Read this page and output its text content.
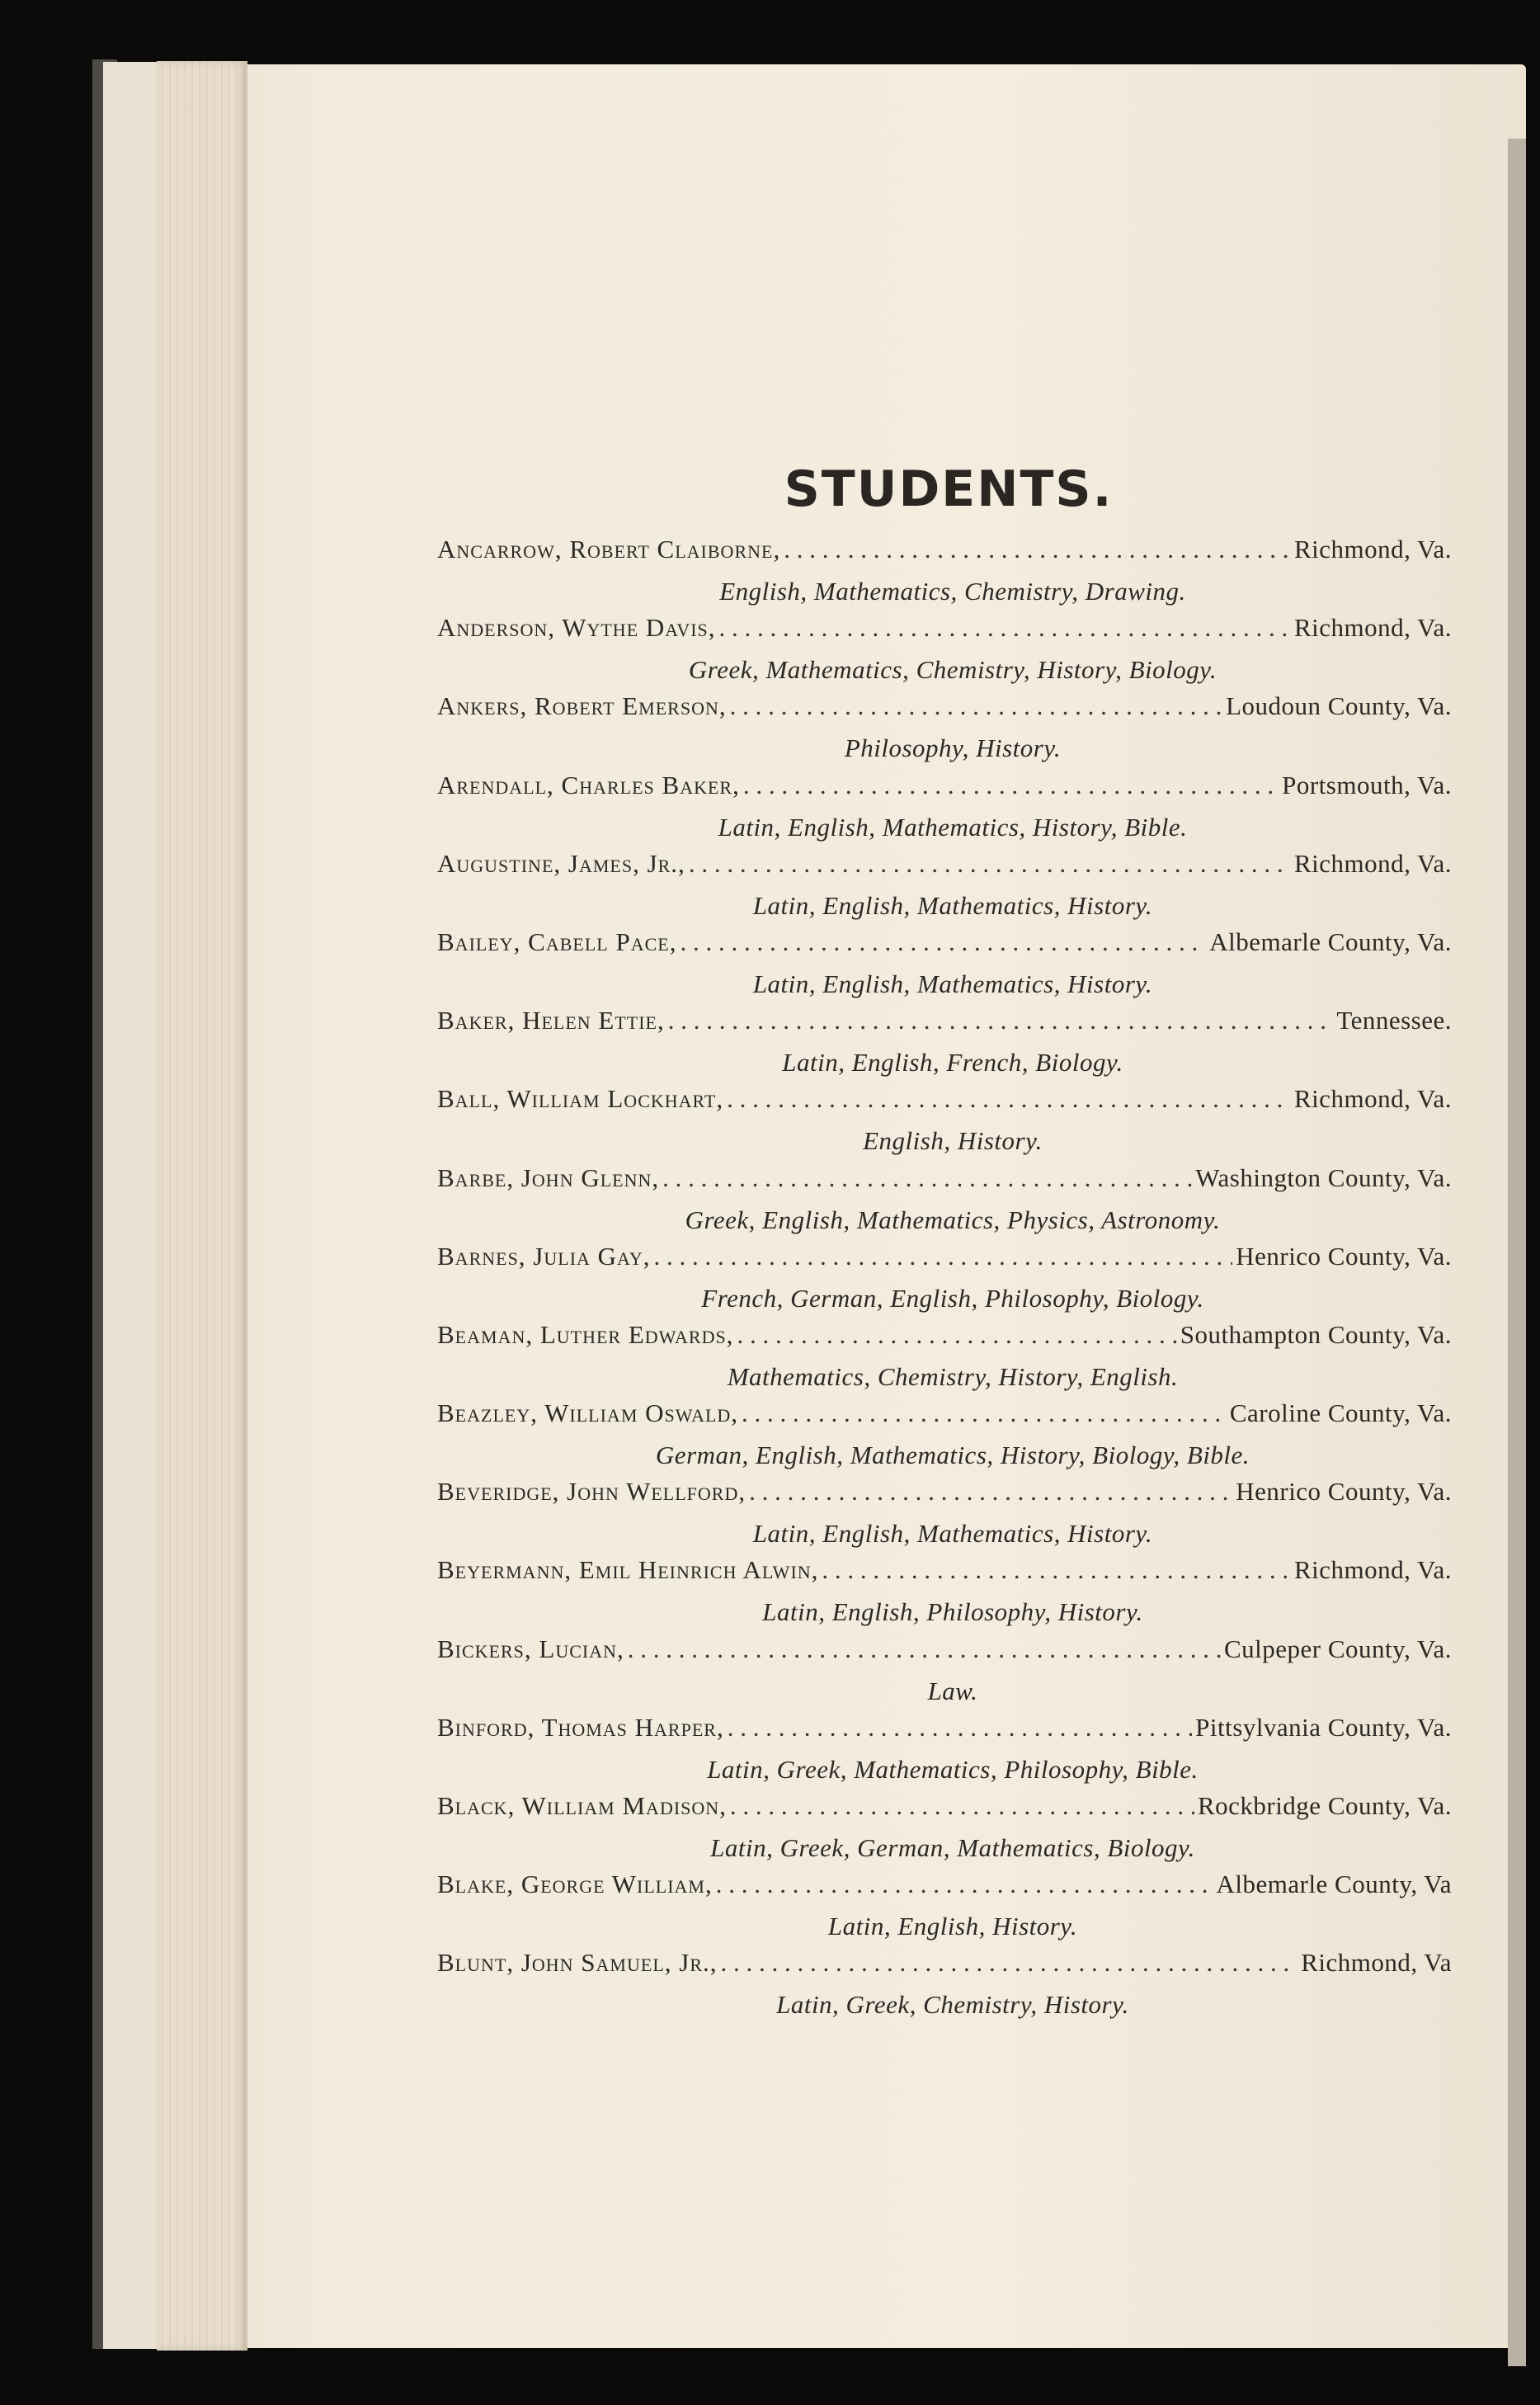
STUDENTS.
Ancarrow, Robert Claiborne, . . .	Richmond, Va.
English, Mathematics, Chemistry, Drawing.
Anderson, Wythe Davis, . . .	Richmond, Va.
Greek, Mathematics, Chemistry, History, Biology.
Ankers, Robert Emerson, . . .	Loudoun County, Va.
Philosophy, History.
Arendall, Charles Baker, . . .	Portsmouth, Va.
Latin, English, Mathematics, History, Bible.
Augustine, James, Jr., . . .	Richmond, Va.
Latin, English, Mathematics, History.
Bailey, Cabell Pace, . . .	Albemarle County, Va.
Latin, English, Mathematics, History.
Baker, Helen Ettie, . . .	Tennessee.
Latin, English, French, Biology.
Ball, William Lockhart, . . .	Richmond, Va.
English, History.
Barbe, John Glenn, . . .	Washington County, Va.
Greek, English, Mathematics, Physics, Astronomy.
Barnes, Julia Gay, . . .	Henrico County, Va.
French, German, English, Philosophy, Biology.
Beaman, Luther Edwards, . . .	Southampton County, Va.
Mathematics, Chemistry, History, English.
Beazley, William Oswald, . . .	Caroline County, Va.
German, English, Mathematics, History, Biology, Bible.
Beveridge, John Wellford, . . .	Henrico County, Va.
Latin, English, Mathematics, History.
Beyermann, Emil Heinrich Alwin, . . .	Richmond, Va.
Latin, English, Philosophy, History.
Bickers, Lucian, . . .	Culpeper County, Va.
Law.
Binford, Thomas Harper, . . .	Pittsylvania County, Va.
Latin, Greek, Mathematics, Philosophy, Bible.
Black, William Madison, . . .	Rockbridge County, Va.
Latin, Greek, German, Mathematics, Biology.
Blake, George William, . . .	Albemarle County, Va
Latin, English, History.
Blunt, John Samuel, Jr., . . .	Richmond, Va
Latin, Greek, Chemistry, History.
